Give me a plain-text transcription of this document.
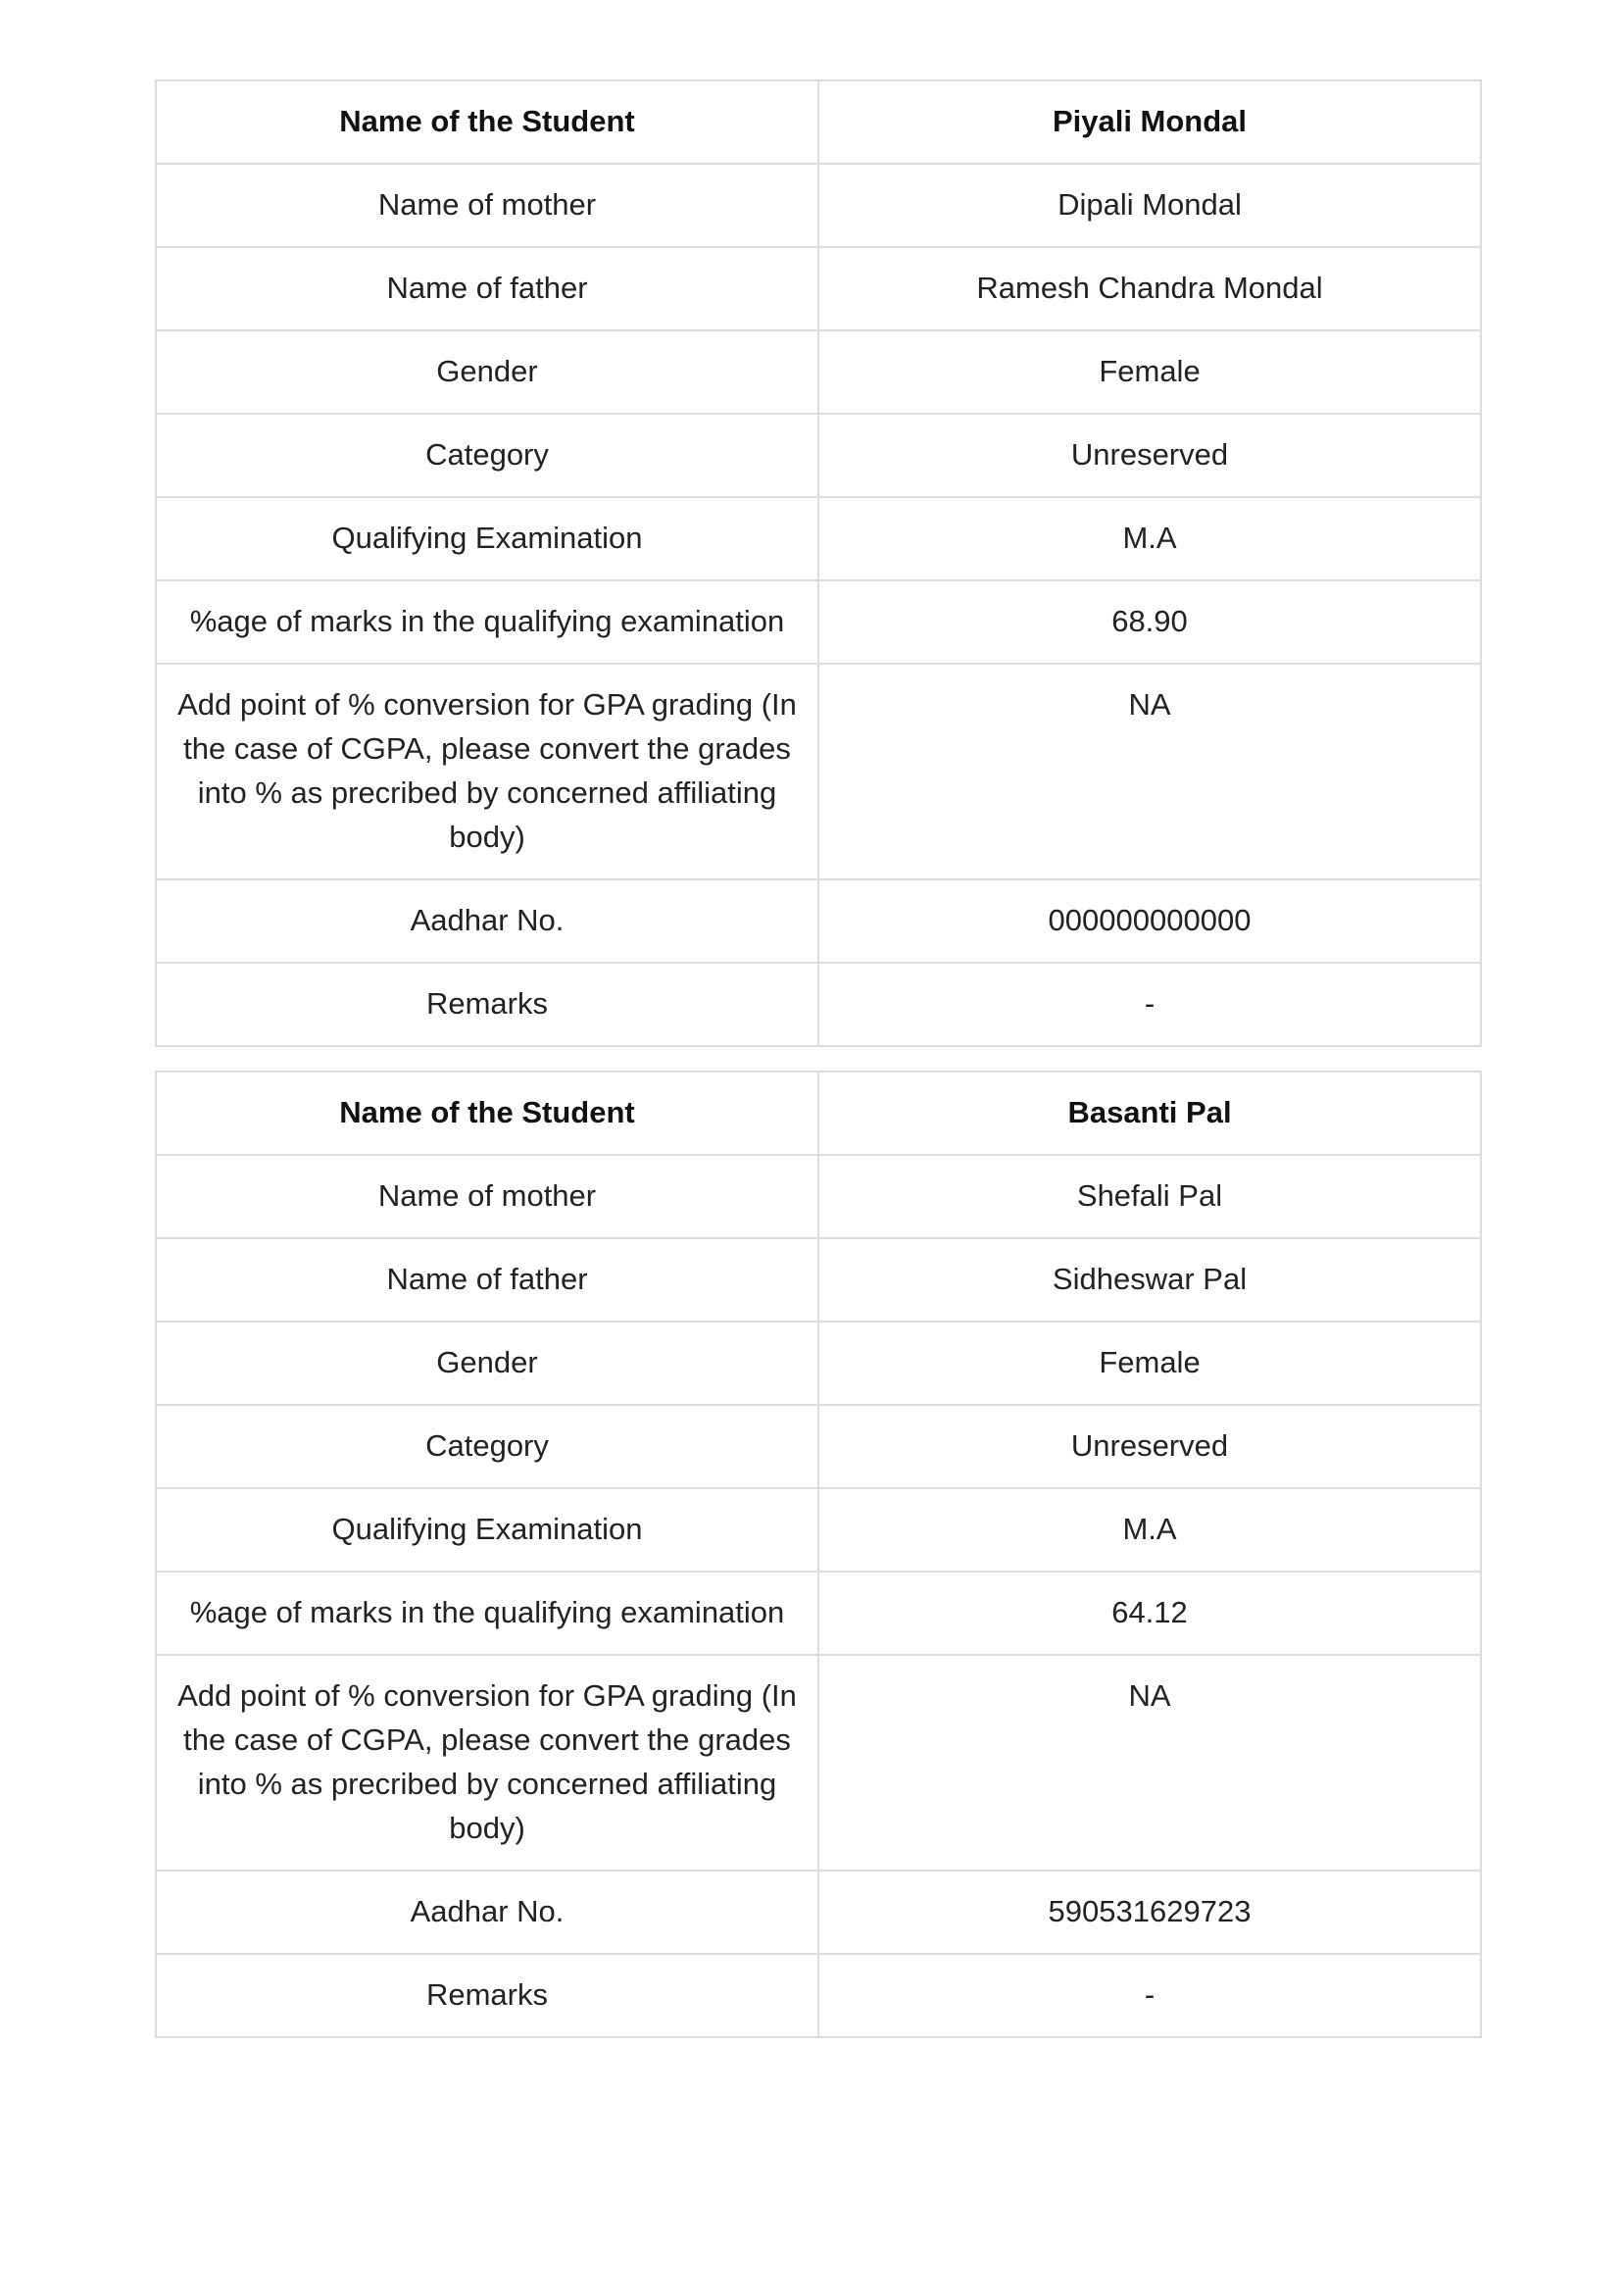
Name of the Student	Piyali Mondal
Name of mother	Dipali Mondal
Name of father	Ramesh Chandra Mondal
Gender	Female
Category	Unreserved
Qualifying Examination	M.A
%age of marks in the qualifying examination	68.90
Add point of % conversion for GPA grading (In the case of CGPA, please convert the grades into % as precribed by concerned affiliating body)	NA
Aadhar No.	000000000000
Remarks	-
Name of the Student	Basanti Pal
Name of mother	Shefali Pal
Name of father	Sidheswar Pal
Gender	Female
Category	Unreserved
Qualifying Examination	M.A
%age of marks in the qualifying examination	64.12
Add point of % conversion for GPA grading (In the case of CGPA, please convert the grades into % as precribed by concerned affiliating body)	NA
Aadhar No.	590531629723
Remarks	-
